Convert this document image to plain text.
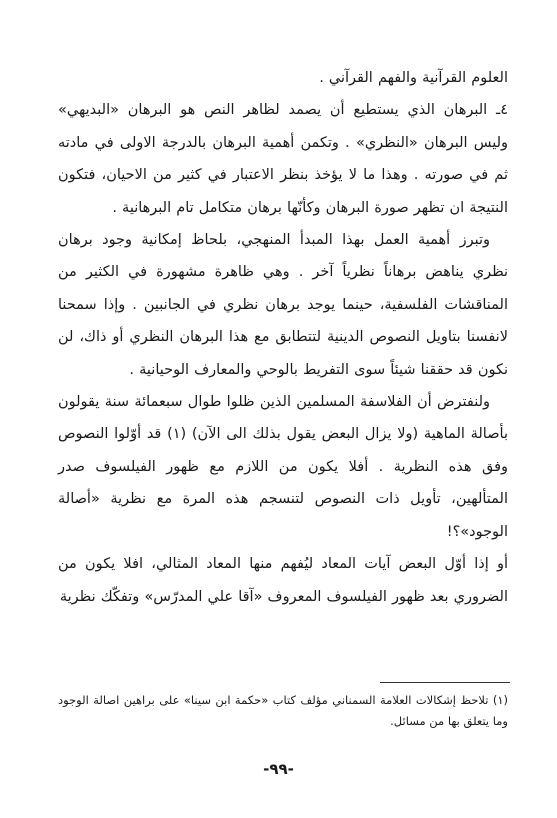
العلوم القرآنية والفهم القرآني .

٤ـ البرهان الذي يستطيع أن يصمد لظاهر النص هو البرهان «البديهي» وليس البرهان «النظري» . وتكمن أهمية البرهان بالدرجة الاولى في مادته ثم في صورته . وهذا ما لا يؤخذ بنظر الاعتبار في كثير من الاحيان، فتكون النتيجة ان تظهر صورة البرهان وكأنّها برهان متكامل تام البرهانية .

وتبرز أهمية العمل بهذا المبدأ المنهجي، بلحاظ إمكانية وجود برهان نظري يناهض برهاناً نظرياً آخر . وهي ظاهرة مشهورة في الكثير من المناقشات الفلسفية، حينما يوجد برهان نظري في الجانبين . وإذا سمحنا لانفسنا بتاويل النصوص الدينية لتتطابق مع هذا البرهان النظري أو ذاك، لن نكون قد حققنا شيئاً سوى التفريط بالوحي والمعارف الوحيانية .

ولنفترض أن الفلاسفة المسلمين الذين ظلوا طوال سبعمائة سنة يقولون بأصالة الماهية (ولا يزال البعض يقول بذلك الى الآن) (١) قد أوّلوا النصوص وفق هذه النظرية . أفلا يكون من اللازم مع ظهور الفيلسوف صدر المتألهين، تأويل ذات النصوص لتنسجم هذه المرة مع نظرية «أصالة الوجود»؟!

أو إذا أوّل البعض آيات المعاد ليُفهم منها المعاد المثالي، افلا يكون من الضروري بعد ظهور الفيلسوف المعروف «آقا علي المدرّس» وتفكّك نظرية

(١) تلاحظ إشكالات العلامة السمناني مؤلف كتاب «حكمة ابن سينا» على براهين اصالة الوجود وما يتعلق بها من مسائل.

-٩٩-
